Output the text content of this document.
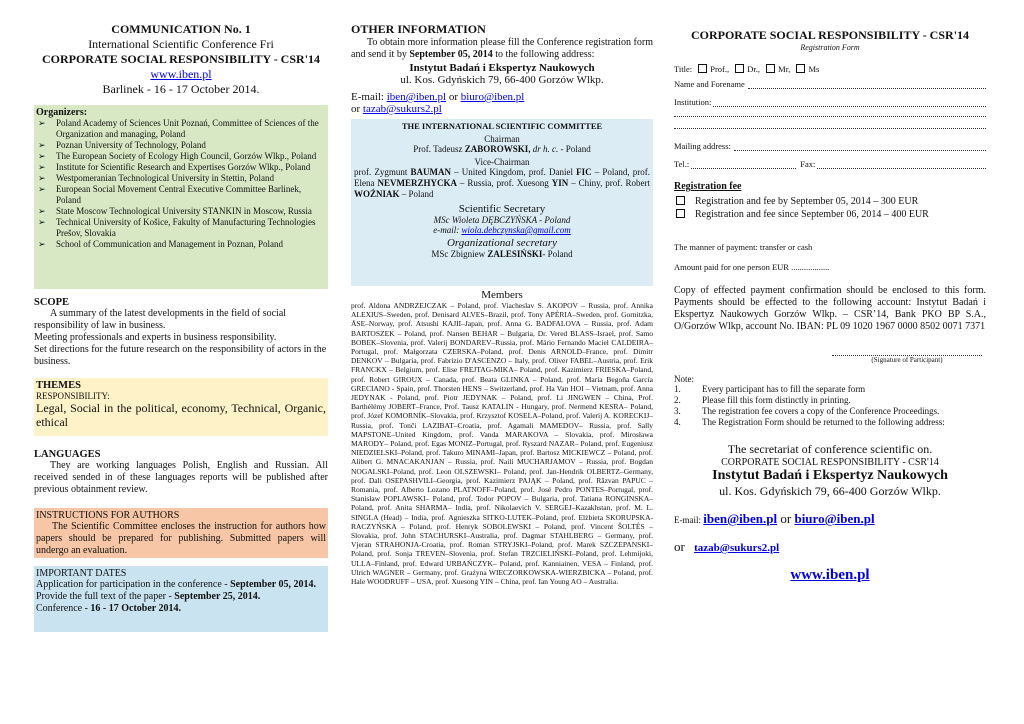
COMMUNICATION No. 1
International Scientific Conference Fri
CORPORATE SOCIAL RESPONSIBILITY - CSR'14
www.iben.pl
Barlinek - 16 - 17 October 2014.
Organizers:
➢ Poland Academy of Sciences Unit Poznań, Committee of Sciences of the Organization and managing, Poland
➢ Poznan University of Technology, Poland
➢ The European Society of Ecology High Council, Gorzów Wlkp., Poland
➢ Institute for Scientific Research and Expertises Gorzów Wlkp., Poland
➢ Westpomeranian Technological University in Stettin, Poland
➢ European Social Movement Central Executive Committee Barlinek, Poland
➢ State Moscow Technological University STANKIN in Moscow, Russia
➢ Technical University of Košice, Fakulty of Manufacturing Technologies Prešov, Slovakia
➢ School of Communication and Management in Poznan, Poland
SCOPE

A summary of the latest developments in the field of social responsibility of law in business.

Meeting professionals and experts in business responsibility.

Set directions for the future research on the responsibility of actors in the business.

THEMES
RESPONSIBILITY:
Legal, Social in the political, economy, Technical, Organic, ethical
LANGUAGES

They are working languages Polish, English and Russian. All received sended in of these languages reports will be published after previous obtainment review.

INSTRUCTIONS FOR AUTHORS

The Scientific Committee encloses the instruction for authors how papers should be prepared for publishing. Submitted papers will undergo an evaluation.

IMPORTANT DATES
Application for participation in the conference - September 05, 2014.
Provide the full text of the paper - September 25, 2014.
Conference - 16 - 17 October 2014.
OTHER INFORMATION

To obtain more information please fill the Conference registration form and send it by September 05, 2014 to the following address:

Instytut Badań i Ekspertyz Naukowych
ul. Kos. Gdyńskich 79, 66-400 Gorzów Wlkp.
E-mail: iben@iben.pl or biuro@iben.pl
or tazab@sukurs2.pl
THE INTERNATIONAL SCIENTIFIC COMMITTEE
Chairman
Prof. Tadeusz ZABOROWSKI, dr h. c. - Poland
Vice-Chairman
prof. Zygmunt BAUMAN – United Kingdom, prof. Daniel FIC – Poland, prof. Elena NEVMERZHYCKA – Russia, prof. Xuesong YIN – Chiny, prof. Robert WOŹNIAK – Poland
Scientific Secretary
MSc Wioleta DĘBCZYŃSKA - Poland
e-mail: wiola.debczynska@gmail.com
Organizational secretary
MSc Zbigniew ZALESIŃSKI- Poland
Members

prof. Aldona ANDRZEJCZAK – Poland, prof. Viacheslav S. AKOPOV – Russia, prof. Annika ALEXIUS–Sweden, prof. Denisard ALVES–Brazil, prof. Tony APÉRIA–Sweden, prof. Gornitzka, ÅSE–Norway, prof. Atsushi KAJII–Japan, prof. Anna G. BADFALOVA – Russia, prof. Adam BARTOSZEK – Poland, prof. Nansen BEHAR – Bulgaria, Dr. Vered BLASS–Israel, prof. Samo BOBEK–Slovenia, prof. Valerij BONDAREV–Russia, prof. Mário Fernando Maciel CALDEIRA–Portugal, prof. Małgorzata CZERSKA–Poland, prof. Denis ARNOLD–France, prof. Dimitr DENKOV – Bulgaria, prof. Fabrizio D'ASCENZO – Italy, prof. Oliver FABEL–Austria, prof. Erik FRANCKX – Belgium, prof. Elise FREJTAG-MIKA– Poland, prof. Kazimierz FRIESKA–Poland, prof. Robert GIROUX – Canada, prof. Beata GLINKA – Poland, prof. María Begoña García GRECIANO - Spain, prof. Thorsten HENS – Switzerland, prof. Ha Van HOI – Vietnam, prof. Anna JEDYNAK - Poland, prof. Piotr JEDYNAK – Poland, prof. Li JINGWEN – China, Prof. Barthélémy JOBERT–France, Prof. Tausz KATALIN - Hungary, prof. Nermend KESRA– Poland, prof. Józef KOMORNÍK–Slovakia, prof. Krzysztof KOSELA–Poland, prof. Valerij A. KORECKIJ–Russia, prof. Tonči LAZIBAT–Croatia, prof. Agamali MAMEDOV– Russia, prof. Sally MAPSTONE–United Kingdom, prof. Vanda MARAKOVA – Slovakia, prof. Mirosława MARODY– Poland, prof. Egas MONIZ–Portugal, prof. Ryszard NAZAR– Poland, prof. Eugeniusz NIEDZIELSKI–Poland, prof. Takuro MINAMI–Japan, prof. Bartosz MICKIEWCZ – Poland, prof. Alibert G. MNACAKANJAN – Russia, prof. Naili MUCHARJAMOV – Russia, prof. Bogdan NOGALSKI–Poland, prof. Leon OLSZEWSKI– Poland, prof. Jan-Hendrik OLBERTZ–Germany, prof. Dali OSEPASHVILI–Georgia, prof. Kazimierz PAJĄK – Poland, prof. Răzvan PAPUC – Romania, prof. Alberto Lozano PLATNOFF–Poland, prof. José Pedro PONTES–Portugal, prof. Stanisław POPLAWSKI– Poland, prof. Todor POPOV – Bulgaria, prof. Tatiana RONGINSKA–Poland, prof. Anita SHARMA– India, prof. Nikolaevich V. SERGEJ–Kazakhstan, prof. M. L. SINGLA (Head) – India, prof. Agnieszka SITKO-LUTEK–Poland, prof. Elżbieta SKORUPSKA-RACZYŃSKA – Poland, prof. Henryk SOBOLEWSKI – Poland, prof. Vincent ŠOLTÉS – Slovakia, prof. John STACHURSKI–Australia, prof. Dagmar STAHLBERG – Germany, prof. Vjeran STRAHONJA-Croatia, prof. Roman STRYJSKI–Poland, prof. Marek SZCZEPANSKI–Poland, prof. Sonja TREVEN–Slovenia, prof. Stefan TRZCIELIŃSKI–Poland, prof. Lehmijoki, ULLA–Finland, prof. Edward URBAŃCZYK– Poland, prof. Kanniainen, VESA – Finland, prof. Ulrich WAGNER – Germany, prof. Grażyna WIECZORKOWSKA-WIERZBICKA – Poland, prof. Hale WOODRUFF – USA, prof. Xuesong YIN – China, prof. Ian Young AO – Australia.

CORPORATE SOCIAL RESPONSIBILITY - CSR'14
Registration Form
Title: Prof., Dr., Mr, Ms
Name and Forename
Institution:
Mailing address:
Tel.:	Fax:
Registration fee
Registration and fee by September 05, 2014 – 300 EUR
Registration and fee since September 06, 2014 – 400 EUR
The manner of payment: transfer or cash
Amount paid for one person EUR ..................

Copy of effected payment confirmation should be enclosed to this form. Payments should be effected to the following account: Instytut Badań i Ekspertyz Naukowych Gorzów Wlkp. – CSR’14, Bank PKO BP S.A., O/Gorzów Wlkp, account No. IBAN: PL 09 1020 1967 0000 8502 0071 7371

(Signature of Participant)
Note:
1.	Every participant has to fill the separate form
2.	Please fill this form distinctly in printing.
3.	The registration fee covers a copy of the Conference Proceedings.
4.	The Registration Form should be returned to the following address:
The secretariat of conference scientific on.
CORPORATE SOCIAL RESPONSIBILITY - CSR'14
Instytut Badań i Ekspertyz Naukowych
ul. Kos. Gdyńskich 79, 66-400 Gorzów Wlkp.
E-mail: iben@iben.pl or biuro@iben.pl
or tazab@sukurs2.pl
www.iben.pl
